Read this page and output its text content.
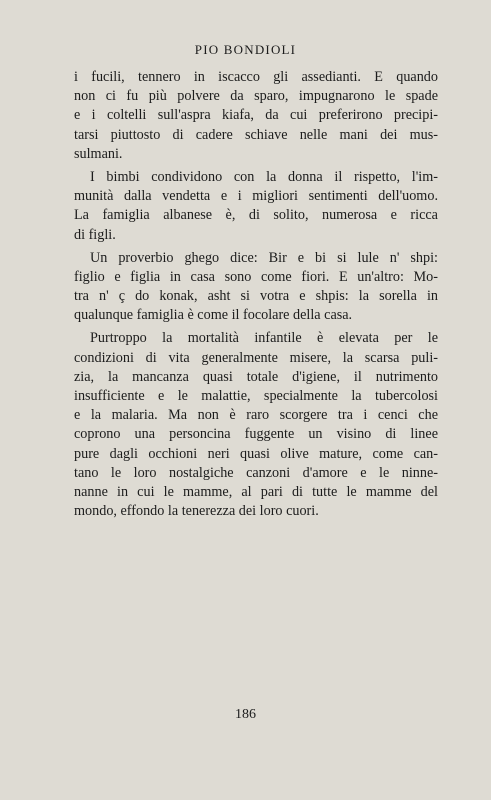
PIO BONDIOLI
i fucili, tennero in iscacco gli assedianti. E quando
non ci fu più polvere da sparo, impugnarono le spade
e i coltelli sull'aspra kiafa, da cui preferirono precipi-
tarsi piuttosto di cadere schiave nelle mani dei mus-
sulmani.
I bimbi condividono con la donna il rispetto, l'im-
munità dalla vendetta e i migliori sentimenti dell'uomo.
La famiglia albanese è, di solito, numerosa e ricca
di figli.
Un proverbio ghego dice: Bir e bi si lule n' shpi:
figlio e figlia in casa sono come fiori. E un'altro: Mo-
tra n' ç do konak, asht si votra e shpis: la sorella in
qualunque famiglia è come il focolare della casa.
Purtroppo la mortalità infantile è elevata per le
condizioni di vita generalmente misere, la scarsa puli-
zia, la mancanza quasi totale d'igiene, il nutrimento
insufficiente e le malattie, specialmente la tubercolosi
e la malaria. Ma non è raro scorgere tra i cenci che
coprono una personcina fuggente un visino di linee
pure dagli occhioni neri quasi olive mature, come can-
tano le loro nostalgiche canzoni d'amore e le ninne-
nanne in cui le mamme, al pari di tutte le mamme del
mondo, effondo la tenerezza dei loro cuori.
186
